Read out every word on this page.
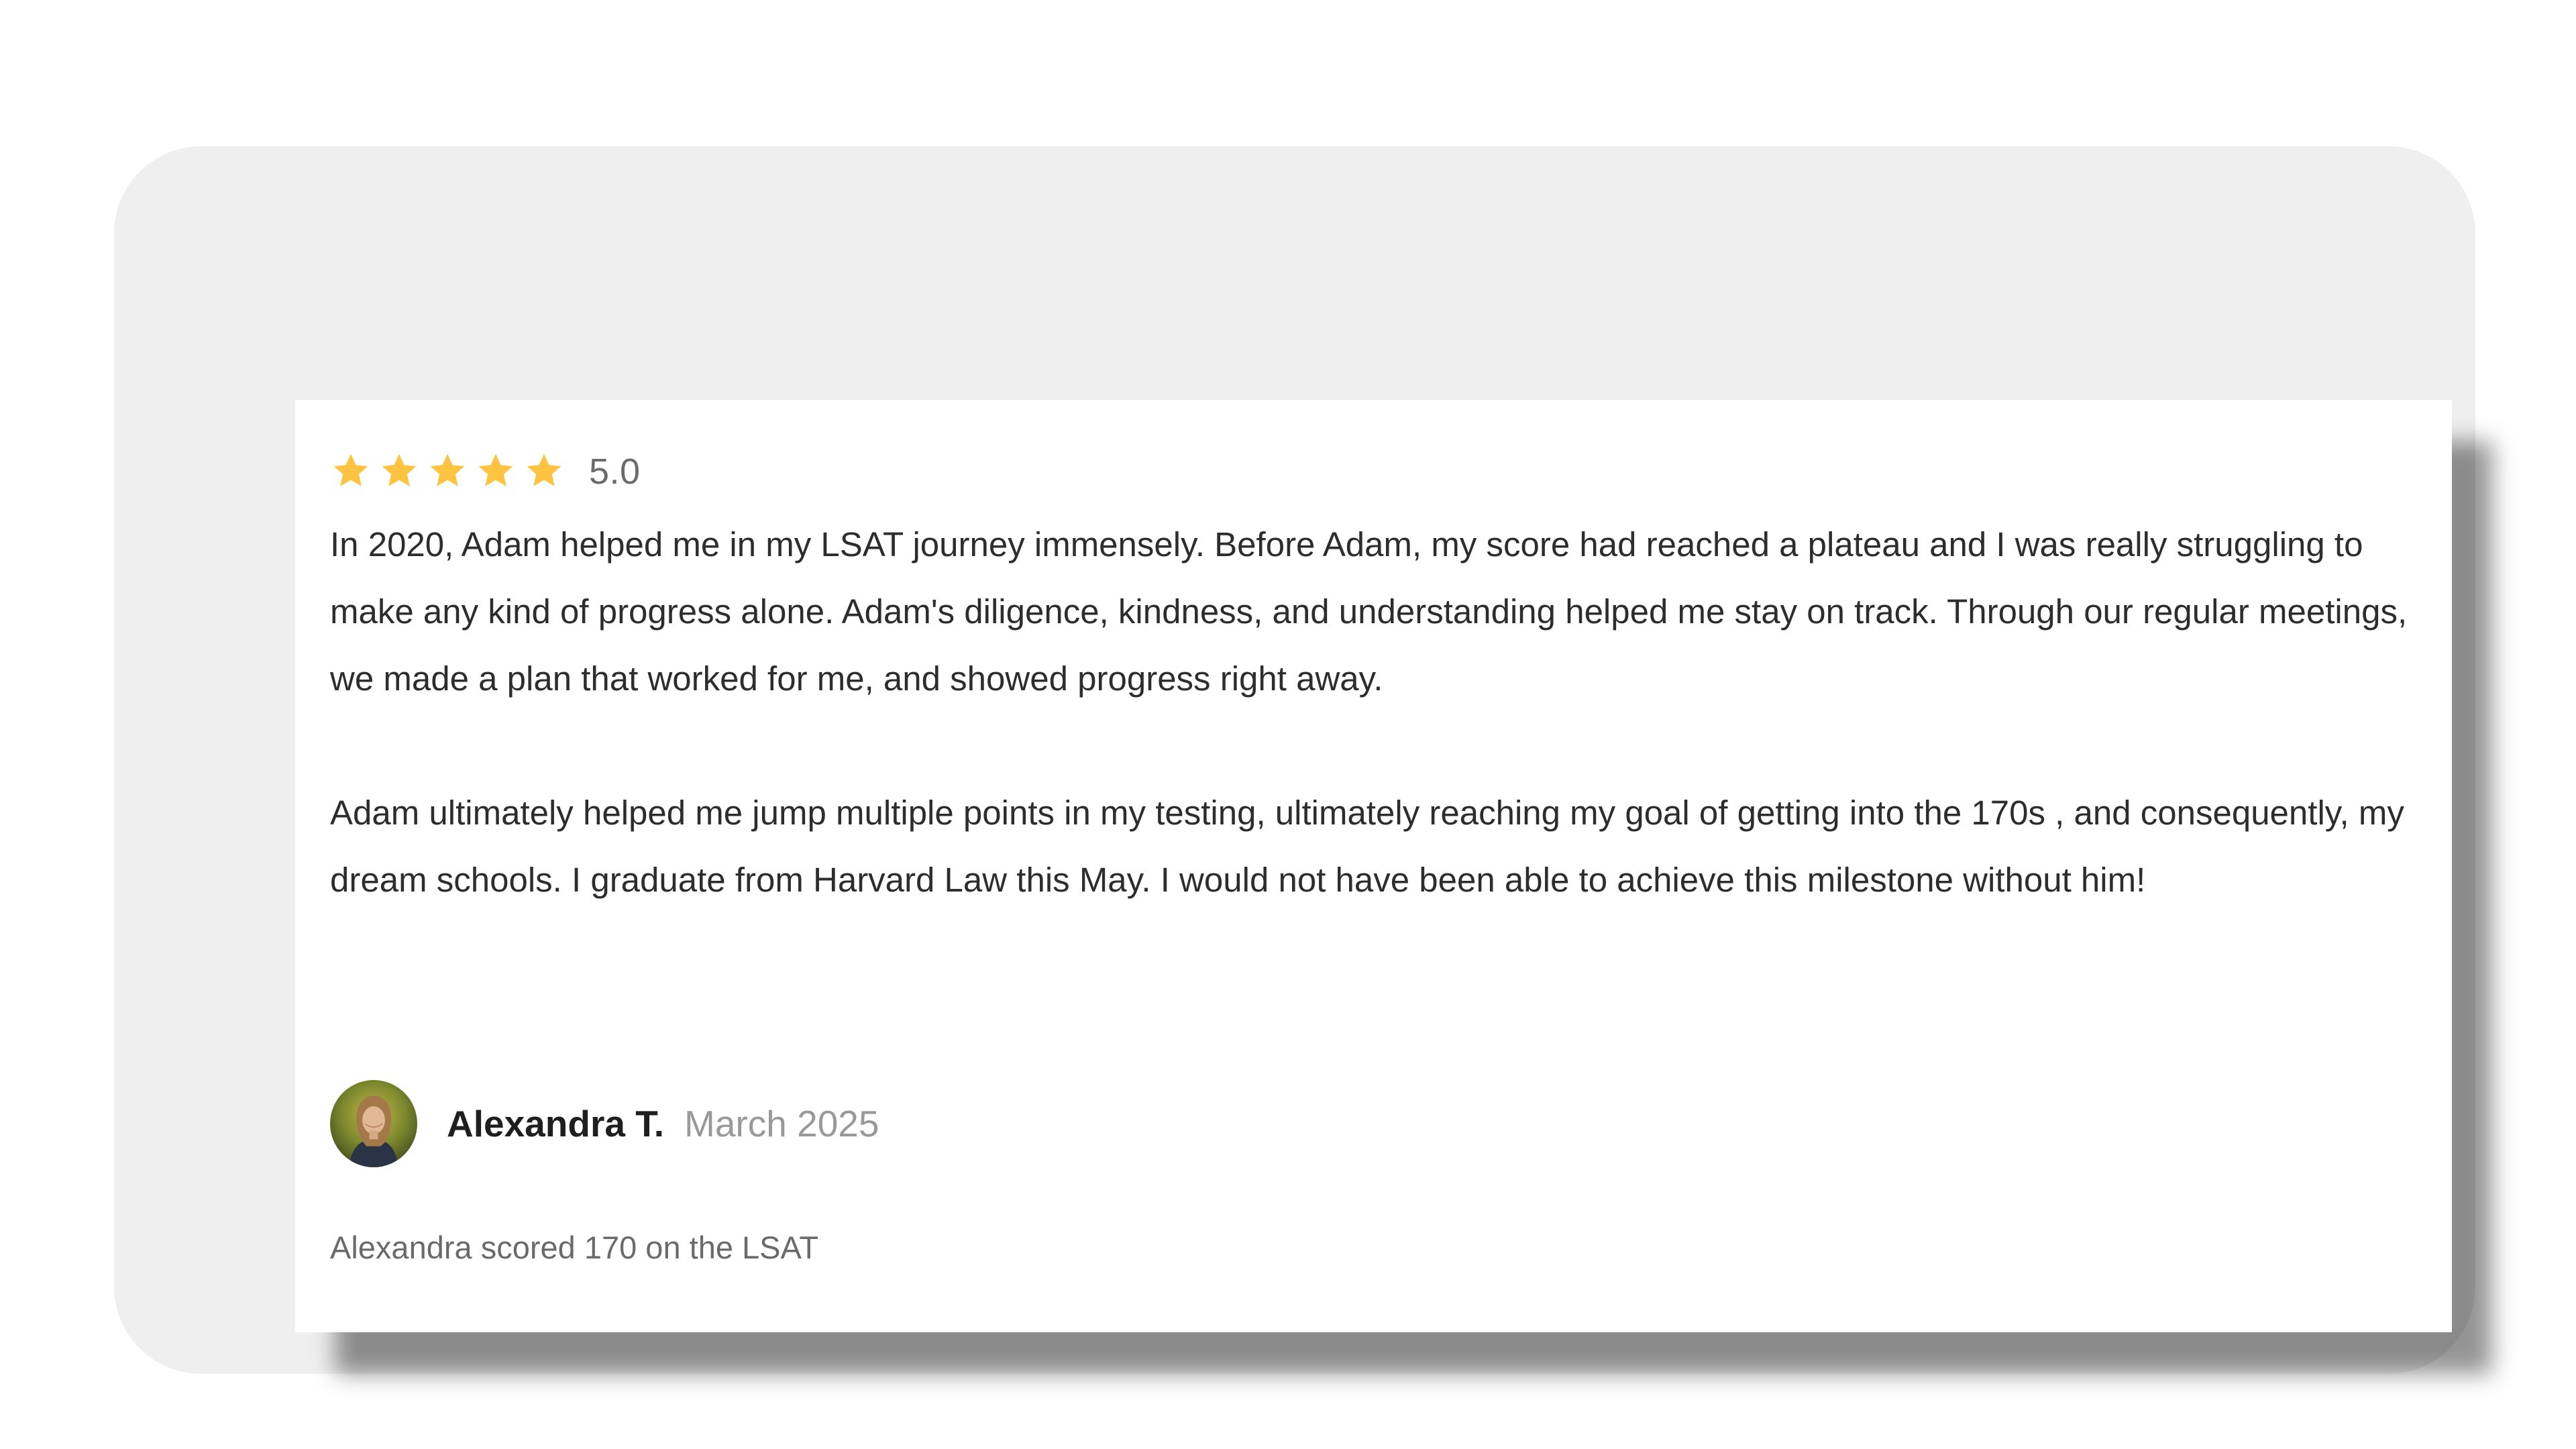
5.0

In 2020, Adam helped me in my LSAT journey immensely. Before Adam, my score had reached a plateau and I was really struggling to make any kind of progress alone. Adam's diligence, kindness, and understanding helped me stay on track. Through our regular meetings, we made a plan that worked for me, and showed progress right away.

Adam ultimately helped me jump multiple points in my testing, ultimately reaching my goal of getting into the 170s , and consequently, my dream schools. I graduate from Harvard Law this May. I would not have been able to achieve this milestone without him!

Alexandra T. March 2025
Alexandra scored 170 on the LSAT
